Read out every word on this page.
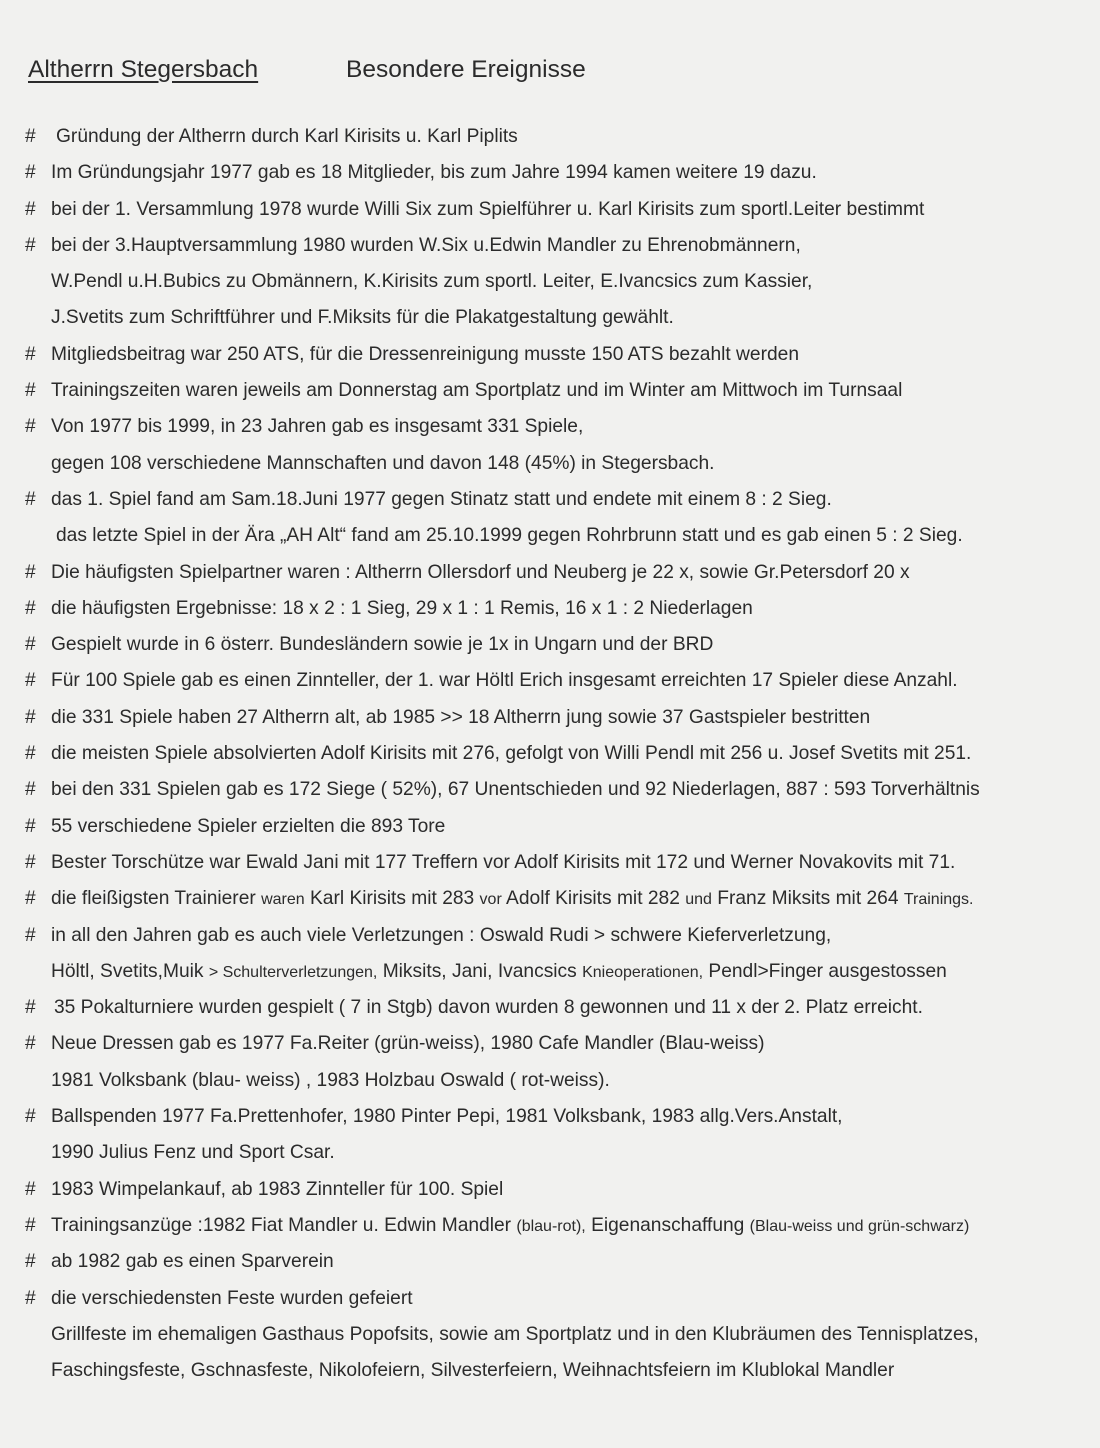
Altherrn Stegersbach	Besondere Ereignisse
# Gründung der Altherrn durch Karl Kirisits u. Karl Piplits
# Im Gründungsjahr 1977 gab es 18 Mitglieder, bis zum Jahre 1994 kamen weitere 19 dazu.
# bei der 1. Versammlung 1978 wurde Willi Six zum Spielführer u. Karl Kirisits zum sportl.Leiter bestimmt
# bei der 3.Hauptversammlung 1980 wurden W.Six u.Edwin Mandler zu Ehrenobmännern,
W.Pendl u.H.Bubics zu Obmännern, K.Kirisits zum sportl. Leiter, E.Ivancsics zum Kassier,
J.Svetits zum Schriftführer und F.Miksits für die Plakatgestaltung gewählt.
# Mitgliedsbeitrag war 250 ATS, für die Dressenreinigung musste 150 ATS bezahlt werden
# Trainingszeiten waren jeweils am Donnerstag am Sportplatz und im Winter am Mittwoch im Turnsaal
# Von 1977 bis 1999, in 23 Jahren gab es insgesamt 331 Spiele,
gegen 108 verschiedene Mannschaften und davon 148 (45%) in Stegersbach.
# das 1. Spiel fand am Sam.18.Juni 1977 gegen Stinatz statt und endete mit einem 8 : 2 Sieg.
das letzte Spiel in der Ära „AH Alt“ fand am 25.10.1999 gegen Rohrbrunn statt und es gab einen 5 : 2 Sieg.
# Die häufigsten Spielpartner waren : Altherrn Ollersdorf und Neuberg je 22 x, sowie Gr.Petersdorf 20 x
# die häufigsten Ergebnisse: 18 x 2 : 1 Sieg, 29 x 1 : 1 Remis, 16 x 1 : 2 Niederlagen
# Gespielt wurde in 6 österr. Bundesländern sowie je 1x in Ungarn und der BRD
# Für 100 Spiele gab es einen Zinnteller, der 1. war Höltl Erich insgesamt erreichten 17 Spieler diese Anzahl.
# die 331 Spiele haben 27 Altherrn alt, ab 1985 >> 18 Altherrn jung sowie 37 Gastspieler bestritten
# die meisten Spiele absolvierten Adolf Kirisits mit 276, gefolgt von Willi Pendl mit 256 u. Josef Svetits mit 251.
# bei den 331 Spielen gab es 172 Siege ( 52%), 67 Unentschieden und 92 Niederlagen, 887 : 593 Torverhältnis
# 55 verschiedene Spieler erzielten die 893 Tore
# Bester Torschütze war Ewald Jani mit 177 Treffern vor Adolf Kirisits mit 172 und Werner Novakovits mit 71.
# die fleißigsten Trainierer waren Karl Kirisits mit 283 vor Adolf Kirisits mit 282 und Franz Miksits mit 264 Trainings.
# in all den Jahren gab es auch viele Verletzungen : Oswald Rudi > schwere Kieferverletzung,
Höltl, Svetits,Muik > Schulterverletzungen, Miksits, Jani, Ivancsics Knieoperationen, Pendl>Finger ausgestossen
# 35 Pokalturniere wurden gespielt ( 7 in Stgb) davon wurden 8 gewonnen und 11 x der 2. Platz erreicht.
# Neue Dressen gab es 1977 Fa.Reiter (grün-weiss), 1980 Cafe Mandler (Blau-weiss)
1981 Volksbank (blau- weiss) , 1983 Holzbau Oswald ( rot-weiss).
# Ballspenden 1977 Fa.Prettenhofer, 1980 Pinter Pepi, 1981 Volksbank, 1983 allg.Vers.Anstalt,
1990 Julius Fenz und Sport Csar.
# 1983 Wimpelankauf, ab 1983 Zinnteller für 100. Spiel
# Trainingsanzüge :1982 Fiat Mandler u. Edwin Mandler (blau-rot), Eigenanschaffung (Blau-weiss und grün-schwarz)
# ab 1982 gab es einen Sparverein
# die verschiedensten Feste wurden gefeiert
Grillfeste im ehemaligen Gasthaus Popofsits, sowie am Sportplatz und in den Klubräumen des Tennisplatzes,
Faschingsfeste, Gschnasfeste, Nikolofeiern, Silvesterfeiern, Weihnachtsfeiern im Klublokal Mandler
